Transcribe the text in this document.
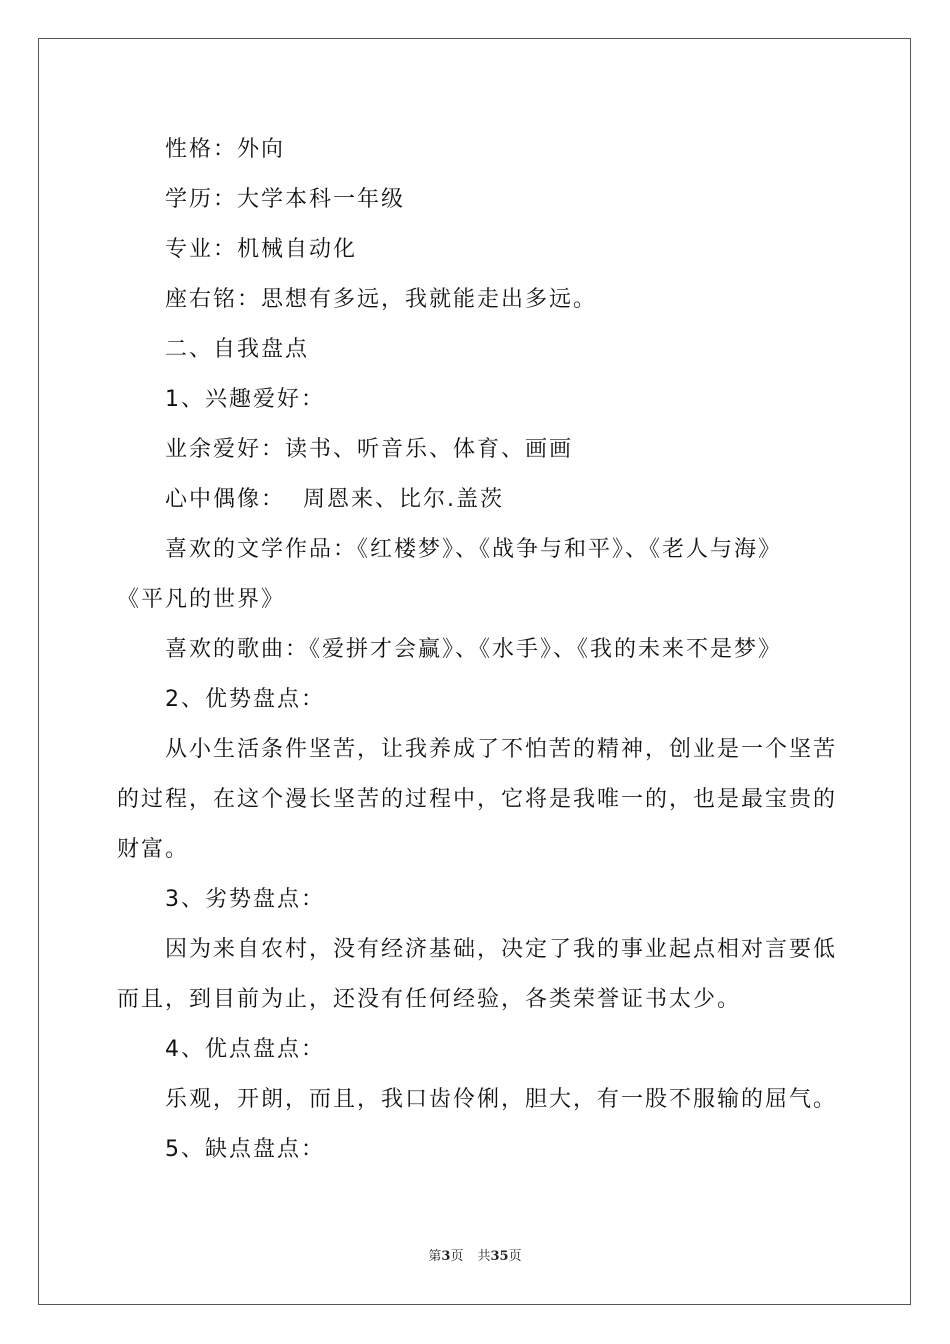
性格：外向
学历：大学本科一年级
专业：机械自动化
座右铭：思想有多远，我就能走出多远。
二、自我盘点
1、兴趣爱好：
业余爱好：读书、听音乐、体育、画画
心中偶像：  周恩来、比尔.盖茨
喜欢的文学作品：《红楼梦》、《战争与和平》、《老人与海》
《平凡的世界》
喜欢的歌曲：《爱拼才会赢》、《水手》、《我的未来不是梦》
2、优势盘点：
从小生活条件坚苦，让我养成了不怕苦的精神，创业是一个坚苦
的过程，在这个漫长坚苦的过程中，它将是我唯一的，也是最宝贵的
财富。
3、劣势盘点：
因为来自农村，没有经济基础，决定了我的事业起点相对言要低
而且，到目前为止，还没有任何经验，各类荣誉证书太少。
4、优点盘点：
乐观，开朗，而且，我口齿伶俐，胆大，有一股不服输的屈气。
5、缺点盘点：
第3页 共35页
